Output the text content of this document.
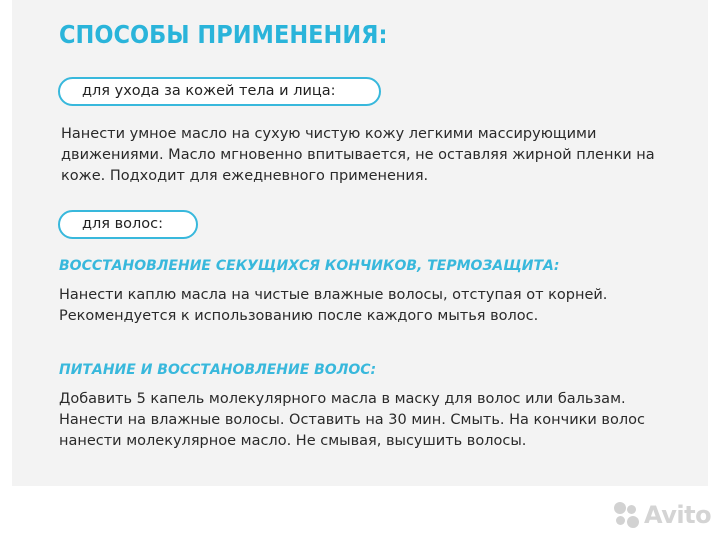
СПОСОБЫ ПРИМЕНЕНИЯ:
для ухода за кожей тела и лица:
Нанести умное масло на сухую чистую кожу легкими массирующими движениями. Масло мгновенно впитывается, не оставляя жирной пленки на коже. Подходит для ежедневного применения.
для волос:
ВОССТАНОВЛЕНИЕ СЕКУЩИХСЯ КОНЧИКОВ, ТЕРМОЗАЩИТА:
Нанести каплю масла на чистые влажные волосы, отступая от корней. Рекомендуется к использованию после каждого мытья волос.
ПИТАНИЕ И ВОССТАНОВЛЕНИЕ ВОЛОС:
Добавить 5 капель молекулярного масла в маску для волос или бальзам. Нанести на влажные волосы. Оставить на 30 мин. Смыть. На кончики волос нанести молекулярное масло. Не смывая, высушить волосы.
Avito
